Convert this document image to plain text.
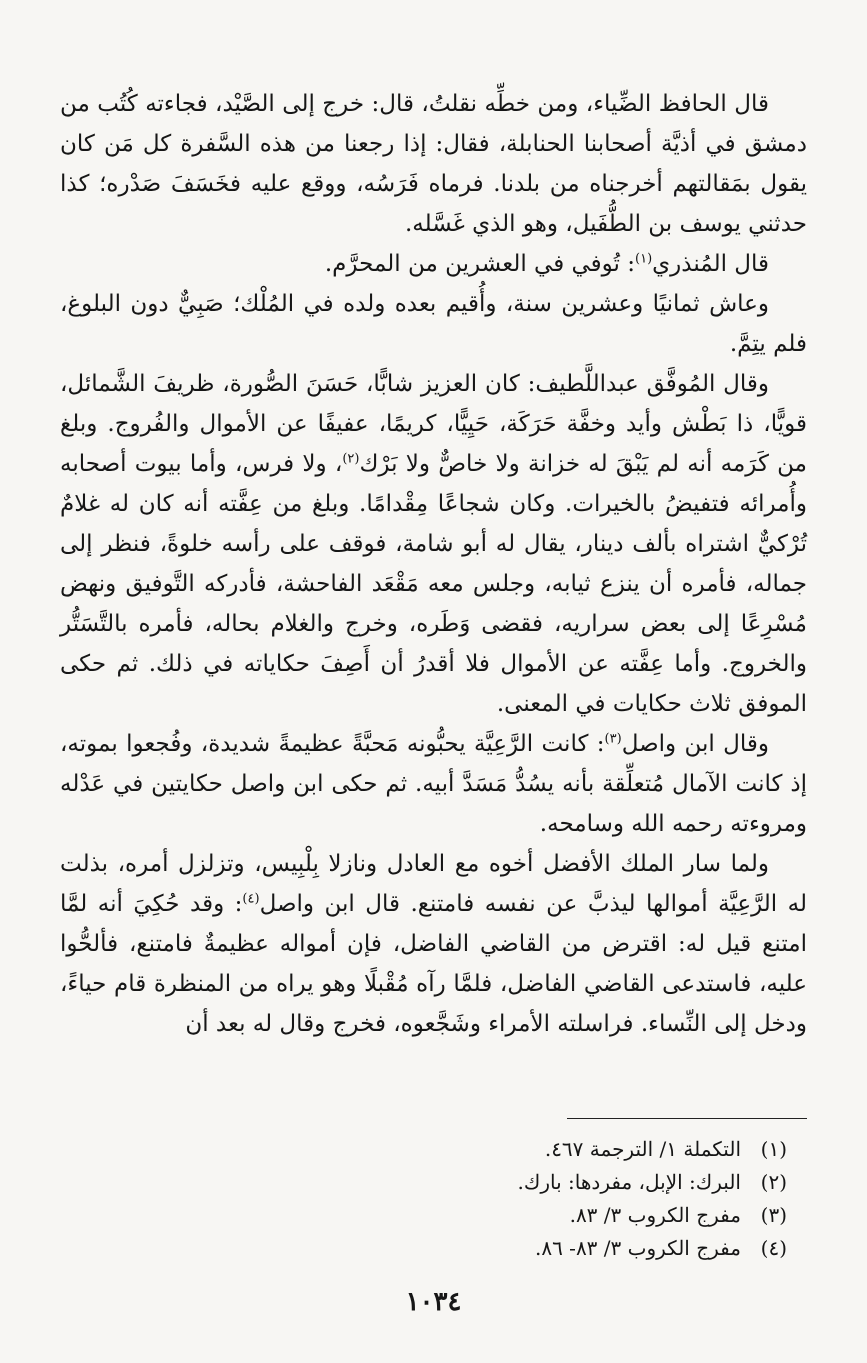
قال الحافظ الضِّياء، ومن خطِّه نقلتُ، قال: خرج إلى الصَّيْد، فجاءته كُتُب من دمشق في أذيَّة أصحابنا الحنابلة، فقال: إذا رجعنا من هذه السَّفرة كل مَن كان يقول بمَقالتهم أخرجناه من بلدنا. فرماه فَرَسُه، ووقع عليه فخَسَفَ صَدْره؛ كذا حدثني يوسف بن الطُّفَيل، وهو الذي غَسَّله.

قال المُنذري$^{(١)}$: تُوفي في العشرين من المحرَّم.

وعاش ثمانيًا وعشرين سنة، وأُقيم بعده ولده في المُلْك؛ صَبِيٌّ دون البلوغ، فلم يتِمَّ.

وقال المُوفَّق عبداللَّطيف: كان العزيز شابًّا، حَسَنَ الصُّورة، ظريفَ الشَّمائل، قويًّا، ذا بَطْش وأيد وخفَّة حَرَكَة، حَيِيًّا، كريمًا، عفيفًا عن الأموال والفُروج. وبلغ من كَرَمه أنه لم يَبْقَ له خزانة ولا خاصٌّ ولا بَرْك$^{(٢)}$، ولا فرس، وأما بيوت أصحابه وأُمرائه فتفيضُ بالخيرات. وكان شجاعًا مِقْدامًا. وبلغ من عِفَّته أنه كان له غلامٌ تُرْكيٌّ اشتراه بألف دينار، يقال له أبو شامة، فوقف على رأسه خلوةً، فنظر إلى جماله، فأمره أن ينزع ثيابه، وجلس معه مَقْعَد الفاحشة، فأدركه التَّوفيق ونهض مُسْرِعًا إلى بعض سراريه، فقضى وَطَره، وخرج والغلام بحاله، فأمره بالتَّسَتُّر والخروج. وأما عِفَّته عن الأموال فلا أقدرُ أن أَصِفَ حكاياته في ذلك. ثم حكى الموفق ثلاث حكايات في المعنى.

وقال ابن واصل$^{(٣)}$: كانت الرَّعِيَّة يحبُّونه مَحبَّةً عظيمةً شديدة، وفُجعوا بموته، إذ كانت الآمال مُتعلِّقة بأنه يسُدُّ مَسَدَّ أبيه. ثم حكى ابن واصل حكايتين في عَدْله ومروءته رحمه الله وسامحه.

ولما سار الملك الأفضل أخوه مع العادل ونازلا بِلْبِيس، وتزلزل أمره، بذلت له الرَّعِيَّة أموالها ليذبَّ عن نفسه فامتنع. قال ابن واصل$^{(٤)}$: وقد حُكِيَ أنه لمَّا امتنع قيل له: اقترض من القاضي الفاضل، فإن أمواله عظيمةٌ فامتنع، فألحُّوا عليه، فاستدعى القاضي الفاضل، فلمَّا رآه مُقْبلًا وهو يراه من المنظرة قام حياءً، ودخل إلى النِّساء. فراسلته الأمراء وشَجَّعوه، فخرج وقال له بعد أن

(١)
التكملة ١/ الترجمة ٤٦٧.
(٢)
البرك: الإبل، مفردها: بارك.
(٣)
مفرج الكروب ٣/ ٨٣.
(٤)
مفرج الكروب ٣/ ٨٣- ٨٦.
١٠٣٤
